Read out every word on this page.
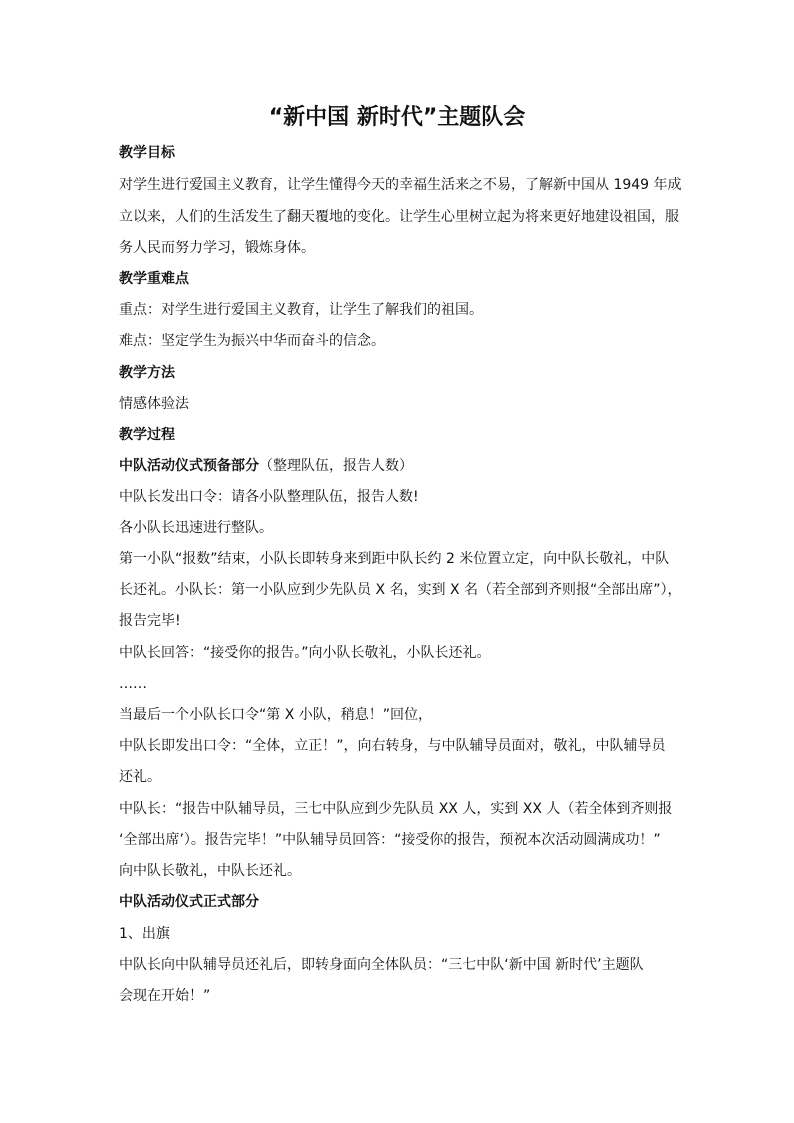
“新中国 新时代”主题队会
教学目标
对学生进行爱国主义教育，让学生懂得今天的幸福生活来之不易，了解新中国从 1949 年成
立以来，人们的生活发生了翻天覆地的变化。让学生心里树立起为将来更好地建设祖国，服
务人民而努力学习，锻炼身体。
教学重难点
重点：对学生进行爱国主义教育，让学生了解我们的祖国。
难点：坚定学生为振兴中华而奋斗的信念。
教学方法
情感体验法
教学过程
中队活动仪式预备部分（整理队伍，报告人数）
中队长发出口令：请各小队整理队伍，报告人数!
各小队长迅速进行整队。
第一小队“报数”结束，小队长即转身来到距中队长约 2 米位置立定，向中队长敬礼，中队
长还礼。小队长：第一小队应到少先队员 X 名，实到 X 名（若全部到齐则报“全部出席”），
报告完毕!
中队长回答：“接受你的报告。”向小队长敬礼，小队长还礼。
……
当最后一个小队长口令“第 X 小队，稍息！”回位，
中队长即发出口令：“全体，立正！”，向右转身，与中队辅导员面对，敬礼，中队辅导员
还礼。
中队长：“报告中队辅导员，三七中队应到少先队员 XX 人，实到 XX 人（若全体到齐则报
‘全部出席’）。报告完毕！”中队辅导员回答：“接受你的报告，预祝本次活动圆满成功！”
向中队长敬礼，中队长还礼。
中队活动仪式正式部分
1、出旗
中队长向中队辅导员还礼后，即转身面向全体队员：“三七中队‘新中国 新时代’主题队
会现在开始！”
